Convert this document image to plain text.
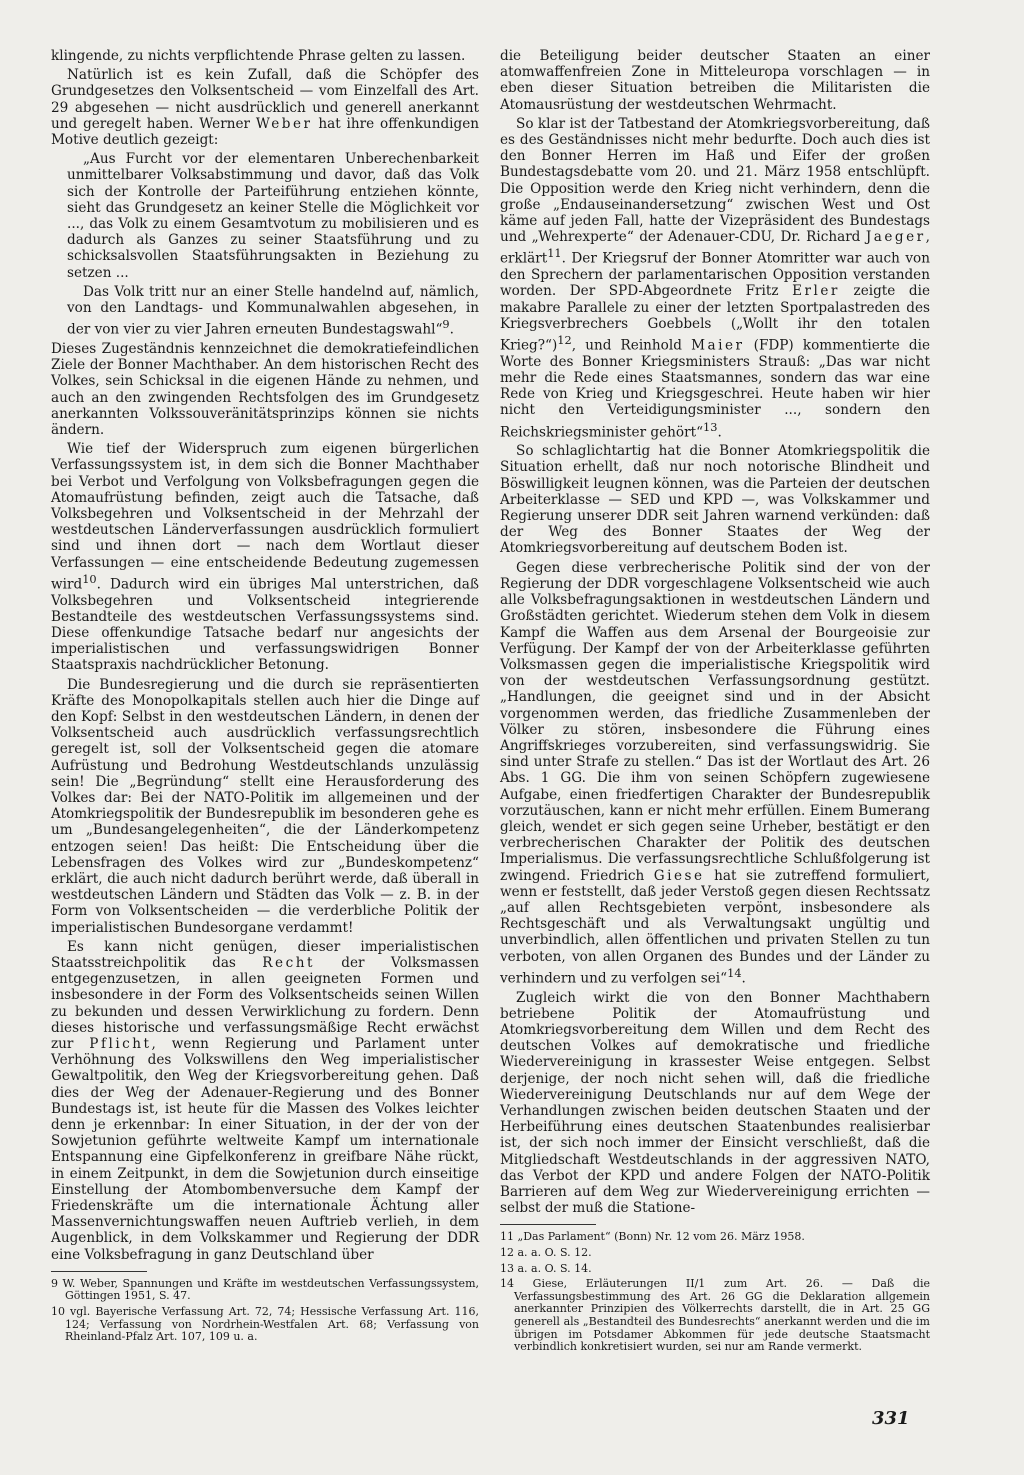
klingende, zu nichts verpflichtende Phrase gelten zu lassen.

Natürlich ist es kein Zufall, daß die Schöpfer des Grundgesetzes den Volksentscheid — vom Einzelfall des Art. 29 abgesehen — nicht ausdrücklich und generell anerkannt und geregelt haben. Werner Weber hat ihre offenkundigen Motive deutlich gezeigt:

„Aus Furcht vor der elementaren Unberechenbarkeit unmittelbarer Volksabstimmung und davor, daß das Volk sich der Kontrolle der Parteiführung entziehen könnte, sieht das Grundgesetz an keiner Stelle die Möglichkeit vor ..., das Volk zu einem Gesamtvotum zu mobilisieren und es dadurch als Ganzes zu seiner Staatsführung und zu schicksalsvollen Staatsführungsakten in Beziehung zu setzen ...

Das Volk tritt nur an einer Stelle handelnd auf, nämlich, von den Landtags- und Kommunalwahlen abgesehen, in der von vier zu vier Jahren erneuten Bundestagswahl“$^9$.

Dieses Zugeständnis kennzeichnet die demokratiefeindlichen Ziele der Bonner Machthaber. An dem historischen Recht des Volkes, sein Schicksal in die eigenen Hände zu nehmen, und auch an den zwingenden Rechtsfolgen des im Grundgesetz anerkannten Volkssouveränitätsprinzips können sie nichts ändern.

Wie tief der Widerspruch zum eigenen bürgerlichen Verfassungssystem ist, in dem sich die Bonner Machthaber bei Verbot und Verfolgung von Volksbefragungen gegen die Atomaufrüstung befinden, zeigt auch die Tatsache, daß Volksbegehren und Volksentscheid in der Mehrzahl der westdeutschen Länderverfassungen ausdrücklich formuliert sind und ihnen dort — nach dem Wortlaut dieser Verfassungen — eine entscheidende Bedeutung zugemessen wird$^{10}$. Dadurch wird ein übriges Mal unterstrichen, daß Volksbegehren und Volksentscheid integrierende Bestandteile des westdeutschen Verfassungssystems sind. Diese offenkundige Tatsache bedarf nur angesichts der imperialistischen und verfassungswidrigen Bonner Staatspraxis nachdrücklicher Betonung.

Die Bundesregierung und die durch sie repräsentierten Kräfte des Monopolkapitals stellen auch hier die Dinge auf den Kopf: Selbst in den westdeutschen Ländern, in denen der Volksentscheid auch ausdrücklich verfassungsrechtlich geregelt ist, soll der Volksentscheid gegen die atomare Aufrüstung und Bedrohung Westdeutschlands unzulässig sein! Die „Begründung“ stellt eine Herausforderung des Volkes dar: Bei der NATO-Politik im allgemeinen und der Atomkriegspolitik der Bundesrepublik im besonderen gehe es um „Bundesangelegenheiten“, die der Länderkompetenz entzogen seien! Das heißt: Die Entscheidung über die Lebensfragen des Volkes wird zur „Bundeskompetenz“ erklärt, die auch nicht dadurch berührt werde, daß überall in westdeutschen Ländern und Städten das Volk — z. B. in der Form von Volksentscheiden — die verderbliche Politik der imperialistischen Bundesorgane verdammt!

Es kann nicht genügen, dieser imperialistischen Staatsstreichpolitik das Recht der Volksmassen entgegenzusetzen, in allen geeigneten Formen und insbesondere in der Form des Volksentscheids seinen Willen zu bekunden und dessen Verwirklichung zu fordern. Denn dieses historische und verfassungsmäßige Recht erwächst zur Pflicht, wenn Regierung und Parlament unter Verhöhnung des Volkswillens den Weg imperialistischer Gewaltpolitik, den Weg der Kriegsvorbereitung gehen. Daß dies der Weg der Adenauer-Regierung und des Bonner Bundestags ist, ist heute für die Massen des Volkes leichter denn je erkennbar: In einer Situation, in der der von der Sowjetunion geführte weltweite Kampf um internationale Entspannung eine Gipfelkonferenz in greifbare Nähe rückt, in einem Zeitpunkt, in dem die Sowjetunion durch einseitige Einstellung der Atombombenversuche dem Kampf der Friedenskräfte um die internationale Ächtung aller Massenvernichtungswaffen neuen Auftrieb verlieh, in dem Augenblick, in dem Volkskammer und Regierung der DDR eine Volksbefragung in ganz Deutschland über

9 W. Weber, Spannungen und Kräfte im westdeutschen Verfassungssystem, Göttingen 1951, S. 47.

10 vgl. Bayerische Verfassung Art. 72, 74; Hessische Verfassung Art. 116, 124; Verfassung von Nordrhein-Westfalen Art. 68; Verfassung von Rheinland-Pfalz Art. 107, 109 u. a.

die Beteiligung beider deutscher Staaten an einer atomwaffenfreien Zone in Mitteleuropa vorschlagen — in eben dieser Situation betreiben die Militaristen die Atomausrüstung der westdeutschen Wehrmacht.

So klar ist der Tatbestand der Atomkriegsvorbereitung, daß es des Geständnisses nicht mehr bedurfte. Doch auch dies ist den Bonner Herren im Haß und Eifer der großen Bundestagsdebatte vom 20. und 21. März 1958 entschlüpft. Die Opposition werde den Krieg nicht verhindern, denn die große „Endauseinandersetzung“ zwischen West und Ost käme auf jeden Fall, hatte der Vizepräsident des Bundestags und „Wehrexperte“ der Adenauer-CDU, Dr. Richard Jaeger, erklärt$^{11}$. Der Kriegsruf der Bonner Atomritter war auch von den Sprechern der parlamentarischen Opposition verstanden worden. Der SPD-Abgeordnete Fritz Erler zeigte die makabre Parallele zu einer der letzten Sportpalastreden des Kriegsverbrechers Goebbels („Wollt ihr den totalen Krieg?“)$^{12}$, und Reinhold Maier (FDP) kommentierte die Worte des Bonner Kriegsministers Strauß: „Das war nicht mehr die Rede eines Staatsmannes, sondern das war eine Rede von Krieg und Kriegsgeschrei. Heute haben wir hier nicht den Verteidigungsminister ..., sondern den Reichskriegsminister gehört“$^{13}$.

So schlaglichtartig hat die Bonner Atomkriegspolitik die Situation erhellt, daß nur noch notorische Blindheit und Böswilligkeit leugnen können, was die Parteien der deutschen Arbeiterklasse — SED und KPD —, was Volkskammer und Regierung unserer DDR seit Jahren warnend verkünden: daß der Weg des Bonner Staates der Weg der Atomkriegsvorbereitung auf deutschem Boden ist.

Gegen diese verbrecherische Politik sind der von der Regierung der DDR vorgeschlagene Volksentscheid wie auch alle Volksbefragungsaktionen in westdeutschen Ländern und Großstädten gerichtet. Wiederum stehen dem Volk in diesem Kampf die Waffen aus dem Arsenal der Bourgeoisie zur Verfügung. Der Kampf der von der Arbeiterklasse geführten Volksmassen gegen die imperialistische Kriegspolitik wird von der westdeutschen Verfassungsordnung gestützt. „Handlungen, die geeignet sind und in der Absicht vorgenommen werden, das friedliche Zusammenleben der Völker zu stören, insbesondere die Führung eines Angriffskrieges vorzubereiten, sind verfassungswidrig. Sie sind unter Strafe zu stellen.“ Das ist der Wortlaut des Art. 26 Abs. 1 GG. Die ihm von seinen Schöpfern zugewiesene Aufgabe, einen friedfertigen Charakter der Bundesrepublik vorzutäuschen, kann er nicht mehr erfüllen. Einem Bumerang gleich, wendet er sich gegen seine Urheber, bestätigt er den verbrecherischen Charakter der Politik des deutschen Imperialismus. Die verfassungsrechtliche Schlußfolgerung ist zwingend. Friedrich Giese hat sie zutreffend formuliert, wenn er feststellt, daß jeder Verstoß gegen diesen Rechtssatz „auf allen Rechtsgebieten verpönt, insbesondere als Rechtsgeschäft und als Verwaltungsakt ungültig und unverbindlich, allen öffentlichen und privaten Stellen zu tun verboten, von allen Organen des Bundes und der Länder zu verhindern und zu verfolgen sei“$^{14}$.

Zugleich wirkt die von den Bonner Machthabern betriebene Politik der Atomaufrüstung und Atomkriegsvorbereitung dem Willen und dem Recht des deutschen Volkes auf demokratische und friedliche Wiedervereinigung in krassester Weise entgegen. Selbst derjenige, der noch nicht sehen will, daß die friedliche Wiedervereinigung Deutschlands nur auf dem Wege der Verhandlungen zwischen beiden deutschen Staaten und der Herbeiführung eines deutschen Staatenbundes realisierbar ist, der sich noch immer der Einsicht verschließt, daß die Mitgliedschaft Westdeutschlands in der aggressiven NATO, das Verbot der KPD und andere Folgen der NATO-Politik Barrieren auf dem Weg zur Wiedervereinigung errichten — selbst der muß die Statione-

11 „Das Parlament“ (Bonn) Nr. 12 vom 26. März 1958.

12 a. a. O. S. 12.

13 a. a. O. S. 14.

14 Giese, Erläuterungen II/1 zum Art. 26. — Daß die Verfassungsbestimmung des Art. 26 GG die Deklaration allgemein anerkannter Prinzipien des Völkerrechts darstellt, die in Art. 25 GG generell als „Bestandteil des Bundesrechts“ anerkannt werden und die im übrigen im Potsdamer Abkommen für jede deutsche Staatsmacht verbindlich konkretisiert wurden, sei nur am Rande vermerkt.

331
